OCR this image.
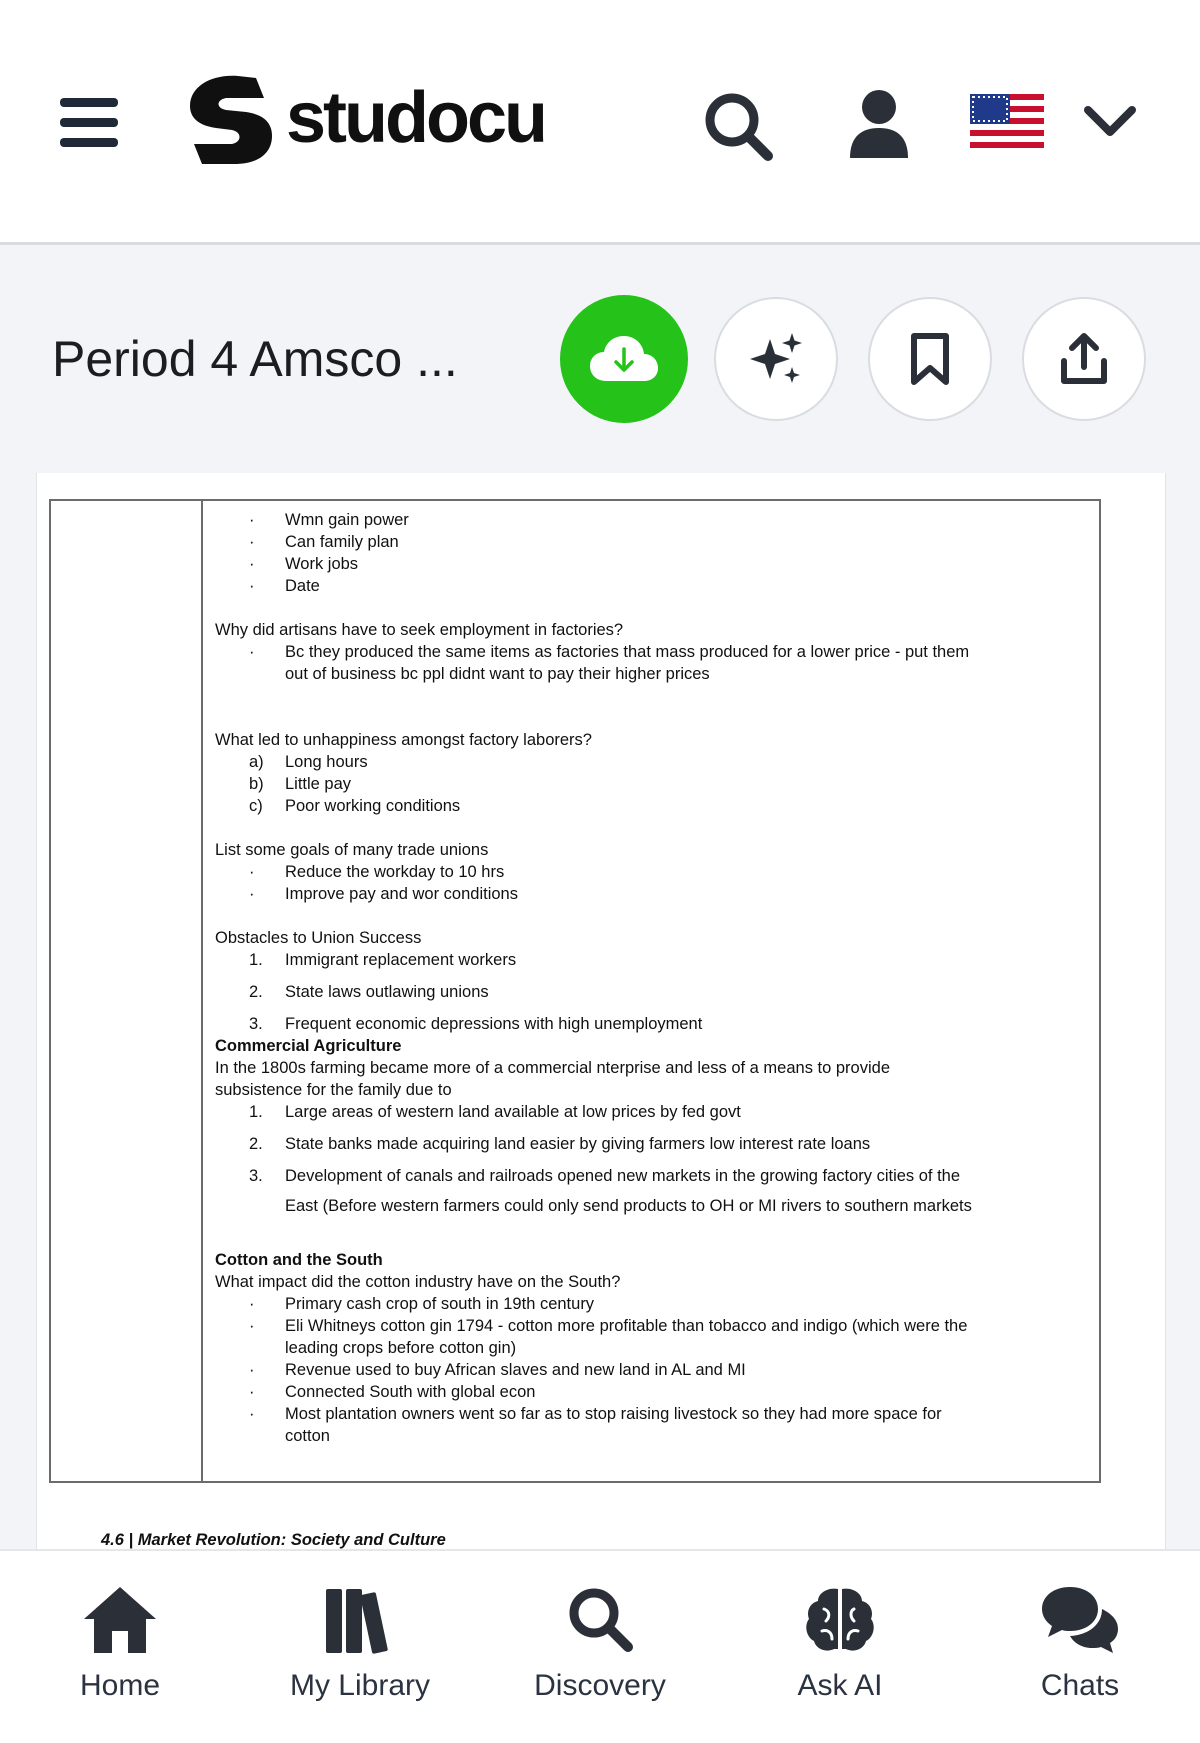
studocu
Period 4 Amsco ...
·	Wmn gain power
·	Can family plan
·	Work jobs
·	Date

Why did artisans have to seek employment in factories?

·	Bc they produced the same items as factories that mass produced for a lower price - put them
out of business bc ppl didnt want to pay their higher prices

What led to unhappiness amongst factory laborers?

a)	Long hours
b)	Little pay
c)	Poor working conditions

List some goals of many trade unions

·	Reduce the workday to 10 hrs
·	Improve pay and wor conditions

Obstacles to Union Success

1.	Immigrant replacement workers
2.	State laws outlawing unions
3.	Frequent economic depressions with high unemployment

Commercial Agriculture

In the 1800s farming became more of a commercial nterprise and less of a means to provide
subsistence for the family due to

1.	Large areas of western land available at low prices by fed govt
2.	State banks made acquiring land easier by giving farmers low interest rate loans
3.	Development of canals and railroads opened new markets in the growing factory cities of the
East (Before western farmers could only send products to OH or MI rivers to southern markets

Cotton and the South

What impact did the cotton industry have on the South?

·	Primary cash crop of south in 19th century
·	Eli Whitneys cotton gin 1794 - cotton more profitable than tobacco and indigo (which were the
leading crops before cotton gin)
·	Revenue used to buy African slaves and new land in AL and MI
·	Connected South with global econ
·	Most plantation owners went so far as to stop raising livestock so they had more space for
cotton
4.6 | Market Revolution: Society and Culture
Home	My Library	Discovery	Ask AI	Chats
